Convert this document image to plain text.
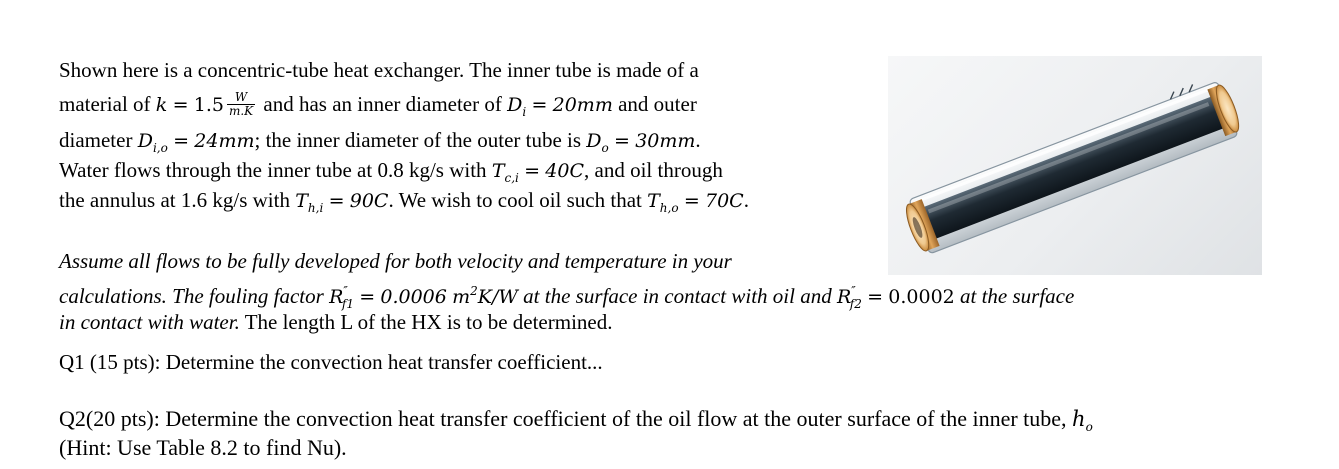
Shown here is a concentric-tube heat exchanger. The inner tube is made of a
material of $k = 1.5 \frac{W}{m.K}$ and has an inner diameter of $D_i = 20mm$ and outer
diameter $D_{i,o} = 24mm$; the inner diameter of the outer tube is $D_o = 30mm$.
Water flows through the inner tube at 0.8 kg/s with $T_{c,i} = 40C$, and oil through
the annulus at 1.6 kg/s with $T_{h,i} = 90C$. We wish to cool oil such that $T_{h,o} = 70C$.
Assume all flows to be fully developed for both velocity and temperature in your
calculations. The fouling factor $R''_{f1} = 0.0006$ $m^2K/W$ at the surface in contact with oil and $R''_{f2} = 0.0002$ at the surface
in contact with water. The length L of the HX is to be determined.
Q1 (15 pts): Determine the convection heat transfer coefficient...
Q2(20 pts): Determine the convection heat transfer coefficient of the oil flow at the outer surface of the inner tube, $h_o$
(Hint: Use Table 8.2 to find Nu).
